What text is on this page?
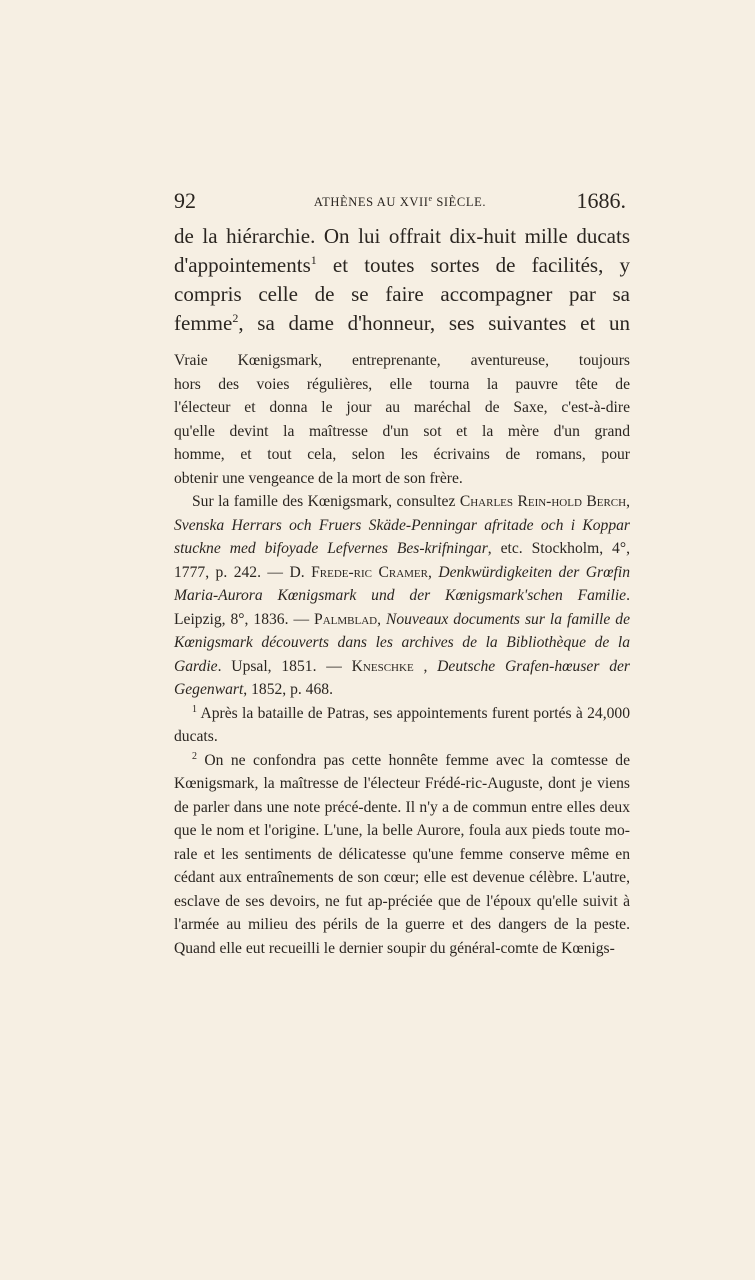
92	ATHÈNES AU XVIIe SIÈCLE.	1686.

de la hiérarchie. On lui offrait dix-huit mille ducats

d'appointements$^1$ et toutes sortes de facilités, y

compris celle de se faire accompagner par sa

femme$^2$, sa dame d'honneur, ses suivantes et un

Vraie Kœnigsmark, entreprenante, aventureuse, toujours
hors des voies régulières, elle tourna la pauvre tête de
l'électeur et donna le jour au maréchal de Saxe, c'est-à-dire
qu'elle devint la maîtresse d'un sot et la mère d'un grand
homme, et tout cela, selon les écrivains de romans, pour
obtenir une vengeance de la mort de son frère.

Sur la famille des Kœnigsmark, consultez Charles Rein-hold Berch, Svenska Herrars och Fruers Skäde-Penningar afritade och i Koppar stuckne med bifoyade Lefvernes Bes-krifningar, etc. Stockholm, 4°, 1777, p. 242. — D. Frede-ric Cramer, Denkwürdigkeiten der Grœfin Maria-Aurora Kœnigsmark und der Kœnigsmark'schen Familie. Leipzig, 8°, 1836. — Palmblad, Nouveaux documents sur la famille de Kœnigsmark découverts dans les archives de la Bibliothèque de la Gardie. Upsal, 1851. — Kneschke , Deutsche Grafen-hœuser der Gegenwart, 1852, p. 468.

$^1$ Après la bataille de Patras, ses appointements furent portés à 24,000 ducats.

$^2$ On ne confondra pas cette honnête femme avec la comtesse de Kœnigsmark, la maîtresse de l'électeur Frédé-ric-Auguste, dont je viens de parler dans une note précé-dente. Il n'y a de commun entre elles deux que le nom et l'origine. L'une, la belle Aurore, foula aux pieds toute mo-rale et les sentiments de délicatesse qu'une femme conserve même en cédant aux entraînements de son cœur; elle est devenue célèbre. L'autre, esclave de ses devoirs, ne fut ap-préciée que de l'époux qu'elle suivit à l'armée au milieu des périls de la guerre et des dangers de la peste. Quand elle eut recueilli le dernier soupir du général-comte de Kœnigs-
